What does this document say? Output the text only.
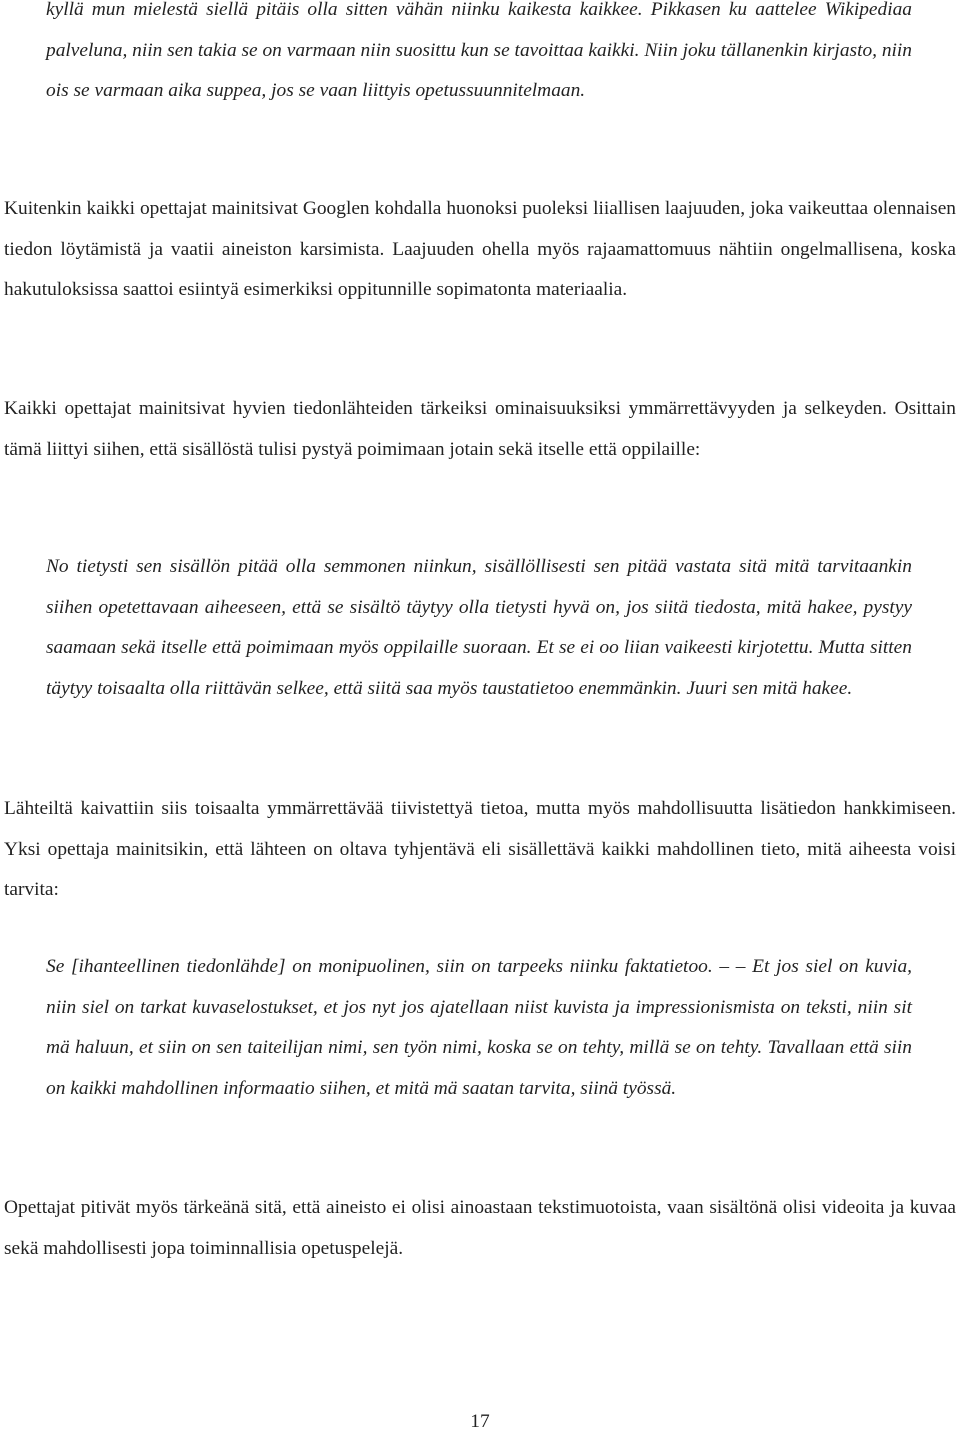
kyllä mun mielestä siellä pitäis olla sitten vähän niinku kaikesta kaikkee. Pikkasen ku aattelee Wikipediaa palveluna, niin sen takia se on varmaan niin suosittu kun se tavoittaa kaikki. Niin joku tällanenkin kirjasto, niin ois se varmaan aika suppea, jos se vaan liittyis opetussuunnitelmaan.

Kuitenkin kaikki opettajat mainitsivat Googlen kohdalla huonoksi puoleksi liiallisen laajuuden, joka vaikeuttaa olennaisen tiedon löytämistä ja vaatii aineiston karsimista. Laajuuden ohella myös rajaamattomuus nähtiin ongelmallisena, koska hakutuloksissa saattoi esiintyä esimerkiksi oppitunnille sopimatonta materiaalia.

Kaikki opettajat mainitsivat hyvien tiedonlähteiden tärkeiksi ominaisuuksiksi ymmärrettävyyden ja selkeyden. Osittain tämä liittyi siihen, että sisällöstä tulisi pystyä poimimaan jotain sekä itselle että oppilaille:

No tietysti sen sisällön pitää olla semmonen niinkun, sisällöllisesti sen pitää vastata sitä mitä tarvitaankin siihen opetettavaan aiheeseen, että se sisältö täytyy olla tietysti hyvä on, jos siitä tiedosta, mitä hakee, pystyy saamaan sekä itselle että poimimaan myös oppilaille suoraan. Et se ei oo liian vaikeesti kirjotettu. Mutta sitten täytyy toisaalta olla riittävän selkee, että siitä saa myös taustatietoo enemmänkin. Juuri sen mitä hakee.

Lähteiltä kaivattiin siis toisaalta ymmärrettävää tiivistettyä tietoa, mutta myös mahdollisuutta lisätiedon hankkimiseen. Yksi opettaja mainitsikin, että lähteen on oltava tyhjentävä eli sisällettävä kaikki mahdollinen tieto, mitä aiheesta voisi tarvita:

Se [ihanteellinen tiedonlähde] on monipuolinen, siin on tarpeeks niinku faktatietoo. – – Et jos siel on kuvia, niin siel on tarkat kuvaselostukset, et jos nyt jos ajatellaan niist kuvista ja impressionismista on teksti, niin sit mä haluun, et siin on sen taiteilijan nimi, sen työn nimi, koska se on tehty, millä se on tehty. Tavallaan että siin on kaikki mahdollinen informaatio siihen, et mitä mä saatan tarvita, siinä työssä.

Opettajat pitivät myös tärkeänä sitä, että aineisto ei olisi ainoastaan tekstimuotoista, vaan sisältönä olisi videoita ja kuvaa sekä mahdollisesti jopa toiminnallisia opetuspelejä.

17
